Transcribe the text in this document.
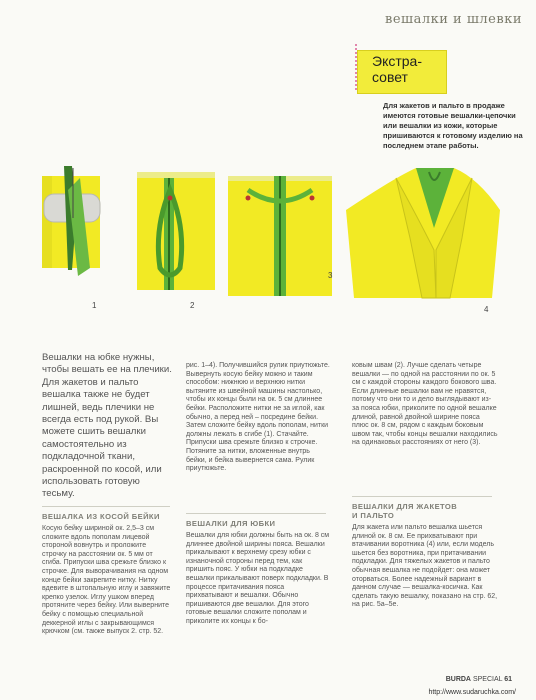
вешалки и шлевки
Экстра-
совет
Для жакетов и пальто в продаже имеются готовые вешалки-цепочки или вешалки из кожи, которые пришиваются к готовому изделию на последнем этапе работы.
1	2
3
4
Вешалки на юбке нужны, чтобы вешать ее на плечики. Для жакетов и пальто вешалка также не будет лишней, ведь плечики не всегда есть под рукой. Вы можете сшить вешалки самостоятельно из подкладочной ткани, раскроенной по косой, или использовать готовую тесьму.
ВЕШАЛКА ИЗ КОСОЙ БЕЙКИ
Косую бейку шириной ок. 2,5–3 см сложите вдоль пополам лицевой стороной вовнутрь и проложите строчку на расстоянии ок. 5 мм от сгиба. Припуски шва срежьте близко к строчке. Для выворачивания на одном конце бейки закрепите нитку. Нитку вдевите в штопальную иглу и завяжите крепко узелок. Иглу ушком вперед протяните через бейку. Или выверните бейку с помощью специальной деккерной иглы с закрывающимся крючком (см. также выпуск 2. стр. 52.
рис. 1–4). Получившийся рулик приутюжьте. Вывернуть косую бейку можно и таким способом: нижнюю и верхнюю нитки вытяните из швейной машины настолько, чтобы их концы были на ок. 5 см длиннее бейки. Расположите нитки не за иглой, как обычно, а перед ней – посредине бейки. Затем сложите бейку вдоль пополам, нитки должны лежать в сгибе (1). Стачайте. Припуски шва срежьте близко к строчке. Потяните за нитки, вложенные внутрь бейки, и бейка вывернется сама. Рулик приутюжьте.
ВЕШАЛКИ ДЛЯ ЮБКИ
Вешалки для юбки должны быть на ок. 8 см длиннее двойной ширины пояса. Вешалки прикалывают к верхнему срезу юбки с изнаночной стороны перед тем, как пришить пояс. У юбки на подкладке вешалки прикалывают поверх подкладки. В процессе притачивания пояса прихватывают и вешалки. Обычно пришиваются две вешалки. Для этого готовые вешалки сложите пополам и приколите их концы к бо-
ковым швам (2). Лучше сделать четыре вешалки — по одной на расстоянии по ок. 5 см с каждой стороны каждого бокового шва. Если длинные вешалки вам не нравятся, потому что они то и дело выглядывают из-за пояса юбки, приколите по одной вешалке длиной, равной двойной ширине пояса плюс ок. 8 см, рядом с каждым боковым швом так, чтобы концы вешалки находились на одинаковых расстояниях от него (3).
ВЕШАЛКИ ДЛЯ ЖАКЕТОВ
И ПАЛЬТО
Для жакета или пальто вешалка шьется длиной ок. 8 см. Ее прихватывают при втачивании воротника (4) или, если модель шьется без воротника, при притачивании подкладки. Для тяжелых жакетов и пальто обычная вешалка не подойдет: она может оторваться. Более надежный вариант в данном случае — вешалка-косичка. Как сделать такую вешалку, показано на стр. 62, на рис. 5а–5е.
BURDA SPECIAL 61
http://www.sudaruchka.com/
